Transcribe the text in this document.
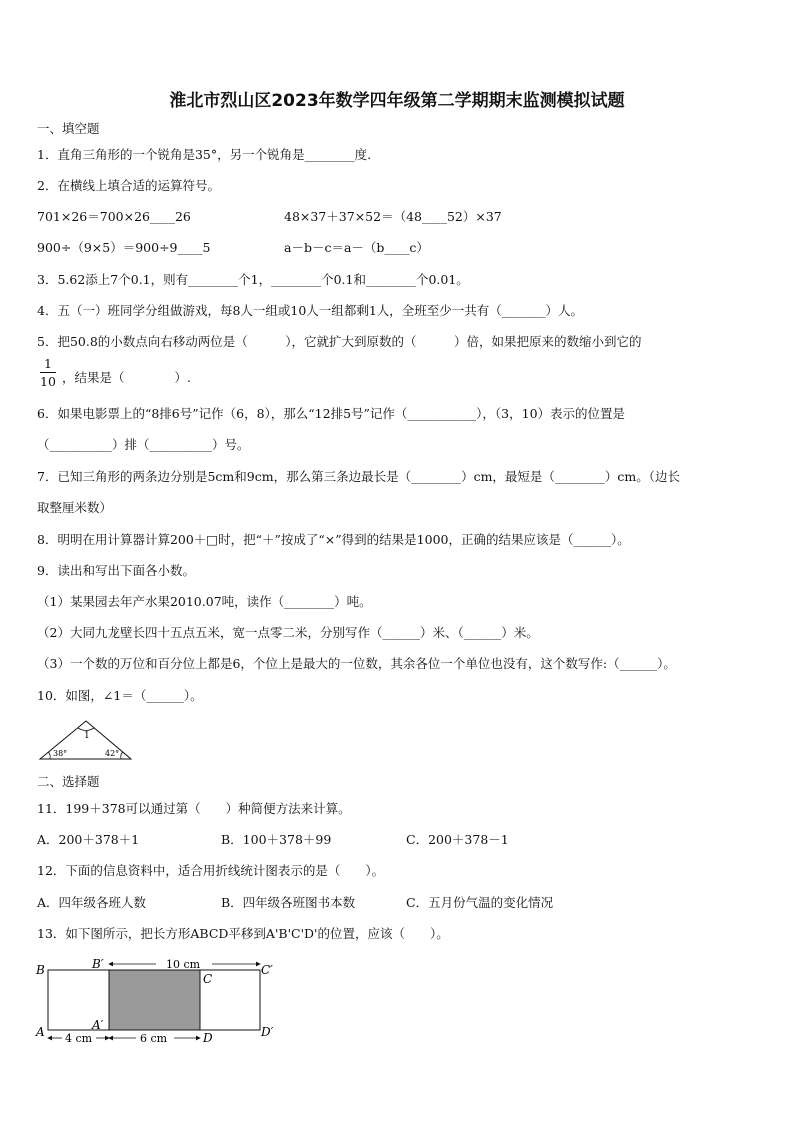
淮北市烈山区2023年数学四年级第二学期期末监测模拟试题
一、填空题
1．直角三角形的一个锐角是35°，另一个锐角是________度.
2．在横线上填合适的运算符号。
701×26＝700×26____26	48×37＋37×52＝（48____52）×37
900÷（9×5）＝900÷9____5	a－b－c＝a－（b____c）
3．5.62添上7个0.1，则有________个1，________个0.1和________个0.01。
4．五（一）班同学分组做游戏，每8人一组或10人一组都剩1人，全班至少一共有（_______）人。
5．把50.8的小数点向右移动两位是（　　　），它就扩大到原数的（　　　）倍，如果把原来的数缩小到它的
1
10 ，结果是（　　　　）.
6．如果电影票上的“8排6号”记作（6，8），那么“12排5号”记作（___________），（3，10）表示的位置是
（__________）排（__________）号。
7．已知三角形的两条边分别是5cm和9cm，那么第三条边最长是（________）cm，最短是（________）cm。（边长
取整厘米数）
8．明明在用计算器计算200＋□时，把“＋”按成了“×”得到的结果是1000，正确的结果应该是（______）。
9．读出和写出下面各小数。
（1）某果园去年产水果2010.07吨，读作（________）吨。
（2）大同九龙壁长四十五点五米，宽一点零二米，分别写作（______）米、（______）米。
（3）一个数的万位和百分位上都是6，个位上是最大的一位数，其余各位一个单位也没有，这个数写作:（______）。
10．如图，∠1＝（______）。
1
38°	42°
二、选择题
11．199＋378可以通过第（　　）种简便方法来计算。
A．200＋378＋1	B．100＋378＋99	C．200＋378－1
12．下面的信息资料中，适合用折线统计图表示的是（　　）。
A．四年级各班人数	B．四年级各班图书本数	C．五月份气温的变化情况
13．如下图所示，把长方形ABCD平移到A'B'C'D'的位置，应该（　　）。
10 cm
4 cm	6 cm
B	B′
C
C′
A	A′
D	D′
